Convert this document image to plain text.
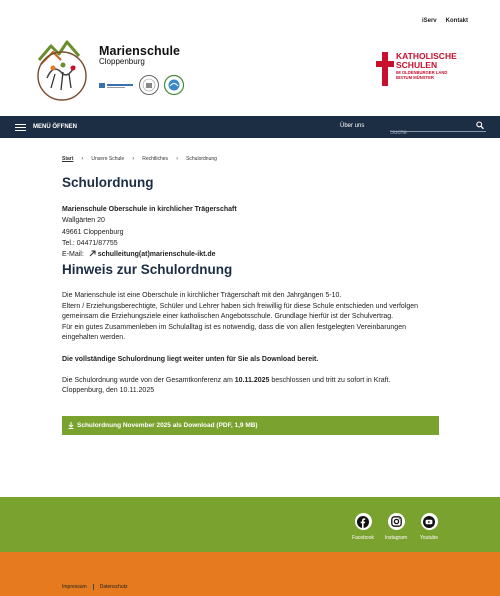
iServ Kontakt
Marienschule
Cloppenburg
KATHOLISCHE
SCHULEN
IM OLDENBURGER LAND
BISTUM MÜNSTER
MENÜ ÖFFNEN	Über uns
Suche
Start › Unsere Schule › Rechtliches › Schulordnung
Schulordnung
Marienschule Oberschule in kirchlicher Trägerschaft
Wallgärten 20
49661 Cloppenburg
Tel.: 04471/87755
E-Mail: schulleitung(at)marienschule-ikt.de
Hinweis zur Schulordnung
Die Marienschule ist eine Oberschule in kirchlicher Trägerschaft mit den Jahrgängen 5-10.
Eltern / Erziehungsberechtigte, Schüler und Lehrer haben sich freiwillig für diese Schule entschieden und verfolgen
gemeinsam die Erziehungsziele einer katholischen Angebotsschule. Grundlage hierfür ist der Schulvertrag.
Für ein gutes Zusammenleben im Schulalltag ist es notwendig, dass die von allen festgelegten Vereinbarungen
eingehalten werden.
Die vollständige Schulordnung liegt weiter unten für Sie als Download bereit.
Die Schulordnung wurde von der Gesamtkonferenz am 10.11.2025 beschlossen und tritt zu sofort in Kraft.
Cloppenburg, den 10.11.2025
Schulordnung November 2025 als Download (PDF, 1,9 MB)
Facebook Instagram	Youtube
Impressum	Datenschutz
